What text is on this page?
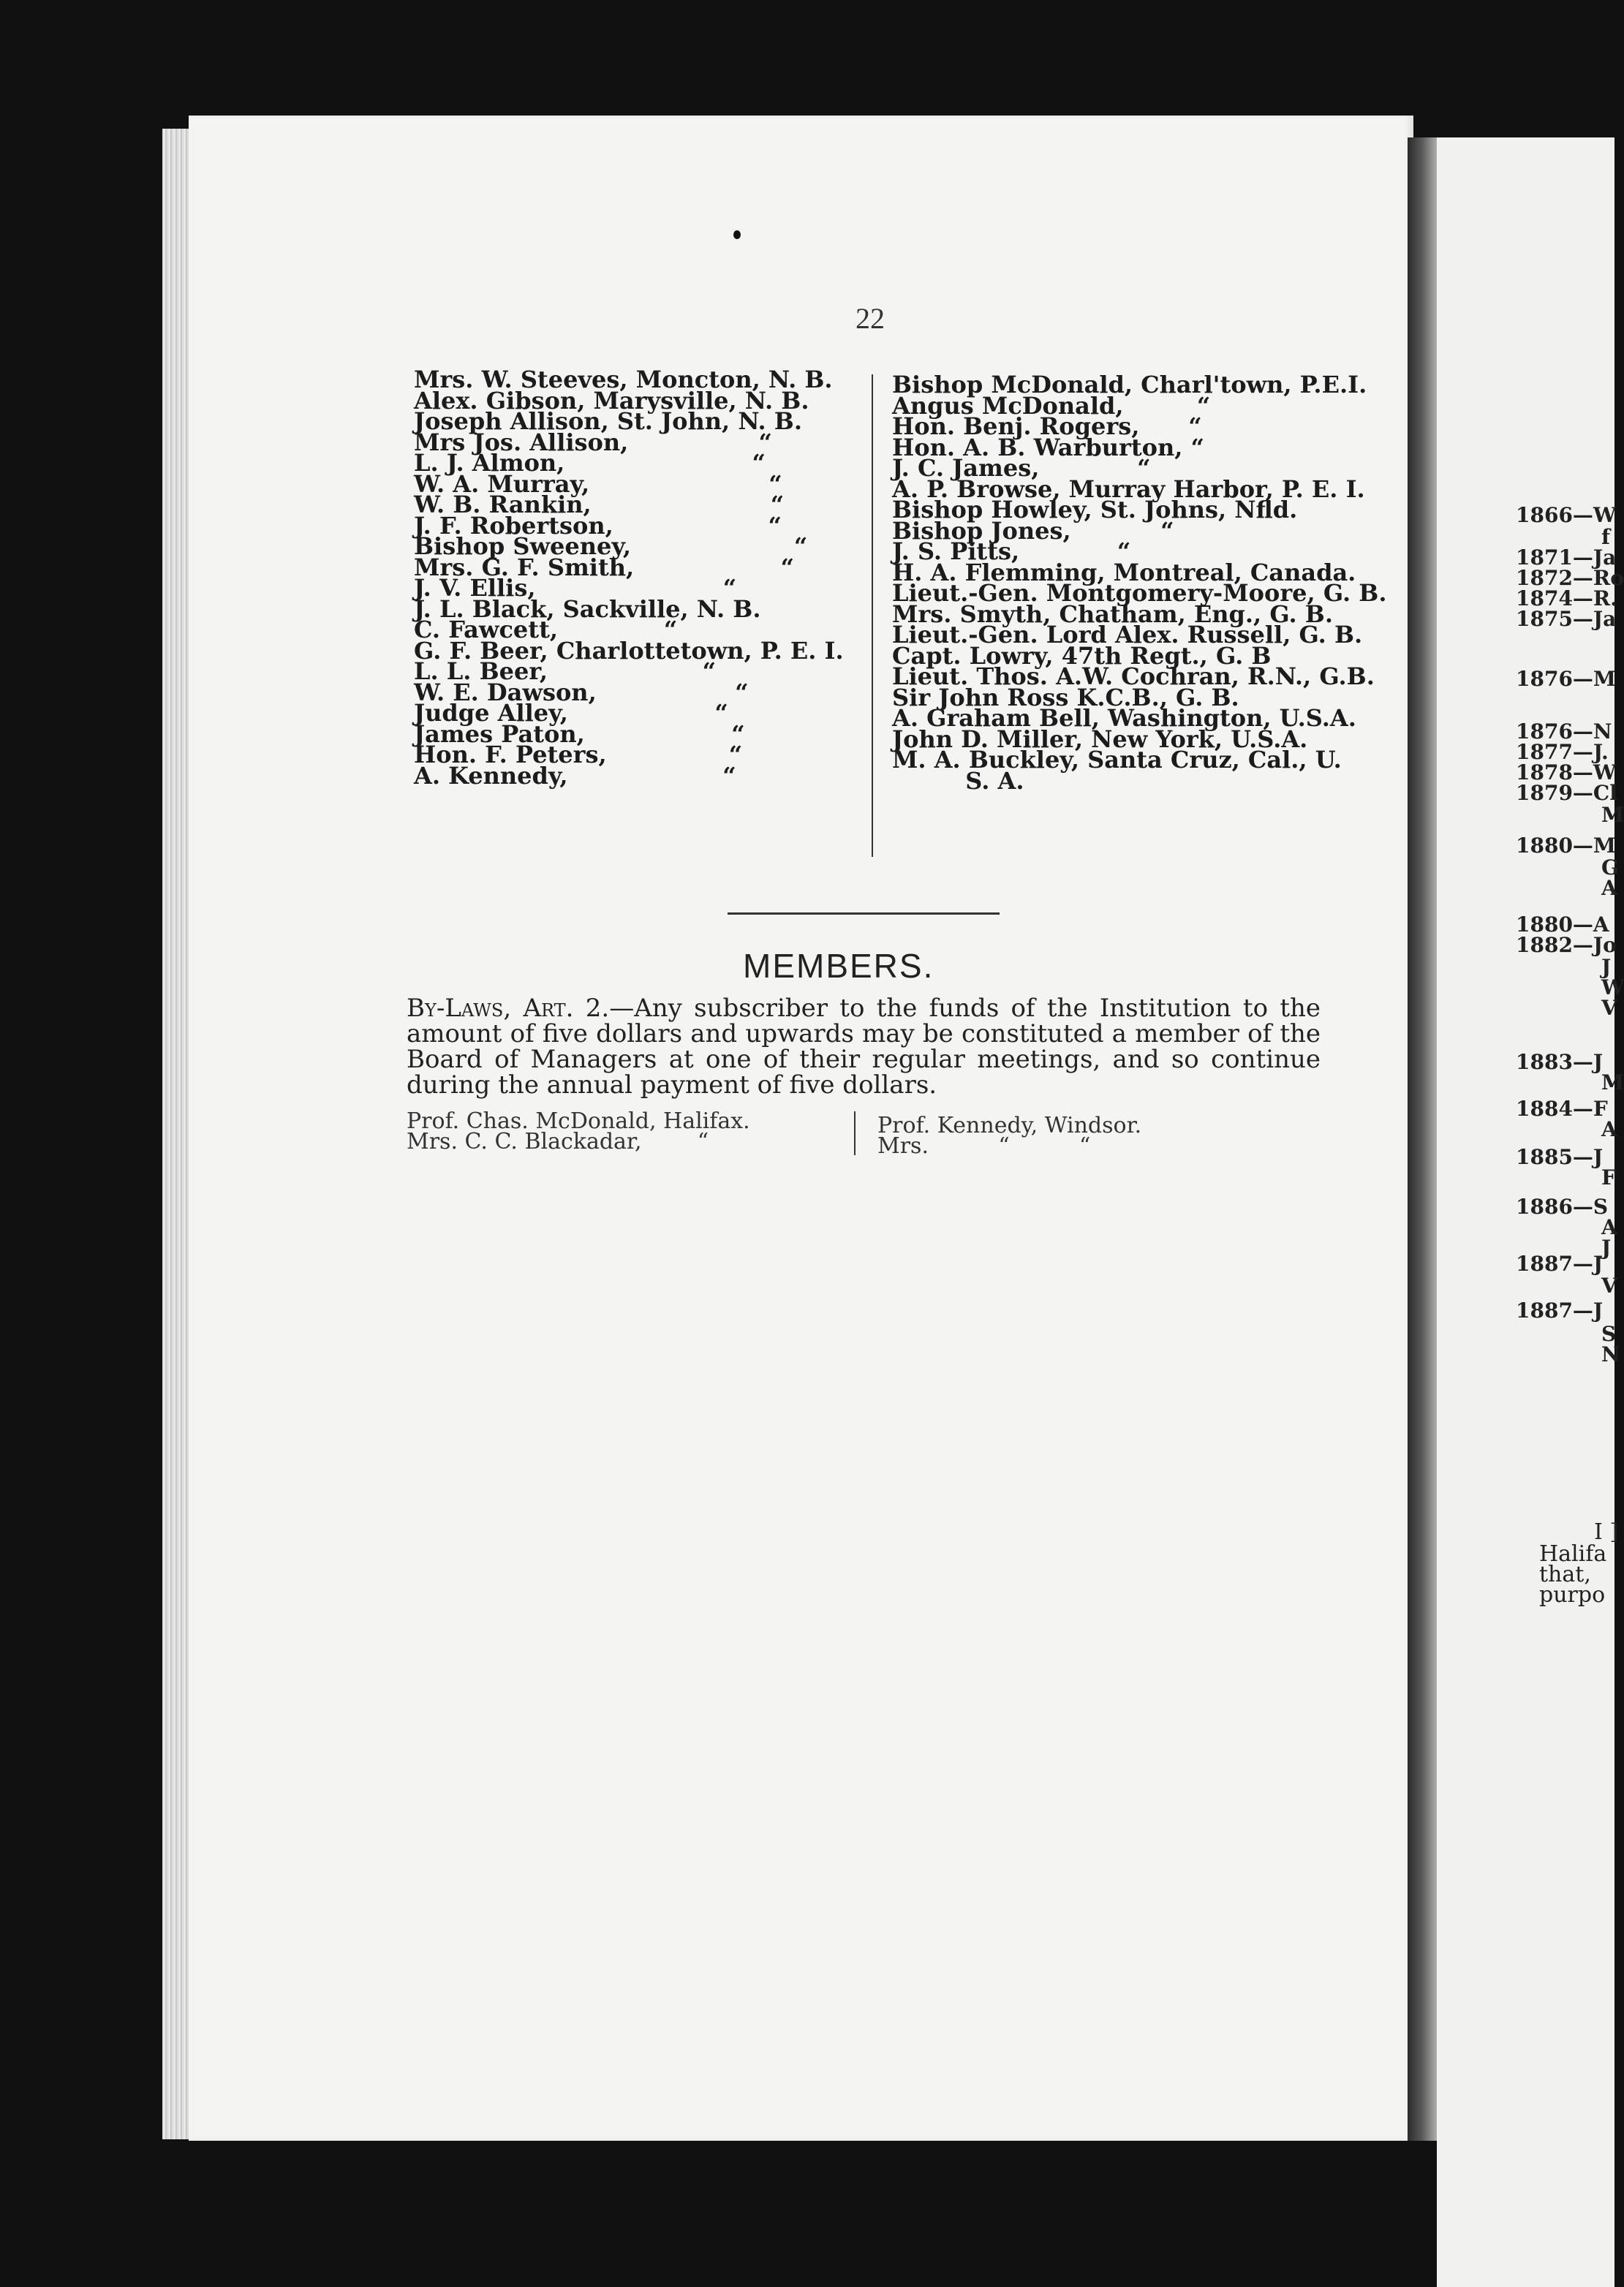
22
Mrs. W. Steeves, Moncton, N. B.
Alex. Gibson, Marysville, N. B.
Joseph Allison, St. John, N. B.
Mrs Jos. Allison,                “
L. J. Almon,                       “
W. A. Murray,                      “
W. B. Rankin,                      “
J. F. Robertson,                   “
Bishop Sweeney,                    “
Mrs. G. F. Smith,                  “
J. V. Ellis,                       “
J. L. Black, Sackville, N. B.
C. Fawcett,             “
G. F. Beer, Charlottetown, P. E. I.
L. L. Beer,                   “
W. E. Dawson,                 “
Judge Alley,                  “
James Paton,                  “
Hon. F. Peters,               “
A. Kennedy,                   “
Bishop McDonald, Charl'town, P.E.I.
Angus McDonald,         “
Hon. Benj. Rogers,      “
Hon. A. B. Warburton, “
J. C. James,            “
A. P. Browse, Murray Harbor, P. E. I.
Bishop Howley, St. Johns, Nfld.
Bishop Jones,           “
J. S. Pitts,            “
H. A. Flemming, Montreal, Canada.
Lieut.-Gen. Montgomery-Moore, G. B.
Mrs. Smyth, Chatham, Eng., G. B.
Lieut.-Gen. Lord Alex. Russell, G. B.
Capt. Lowry, 47th Regt., G. B
Lieut. Thos. A.W. Cochran, R.N., G.B.
Sir John Ross K.C.B., G. B.
A. Graham Bell, Washington, U.S.A.
John D. Miller, New York, U.S.A.
M. A. Buckley, Santa Cruz, Cal., U.
S. A.
MEMBERS.
By-Laws, Art. 2.—Any subscriber to the funds of the Institution to the amount of five dollars and upwards may be constituted a member of the Board of Managers at one of their regular meetings, and so continue during the annual payment of five dollars.
Prof. Chas. McDonald, Halifax.
Mrs. C. C. Blackadar,        “
Prof. Kennedy, Windsor.
Mrs.          “          “
1866—W
1871—Ja
1872—Ro
1874—R.
1875—Ja
1876—M
1876—N
1877—J.
1878—W
1879—Cl
1880—M
1880—A
1882—Jo
1883—J
1884—F
1885—J
1886—S
1887—J
1887—J
f
M
G
A
J
W
V
M
A
F
A
J
V
S
N
I ]
Halifa
that,
purpo
